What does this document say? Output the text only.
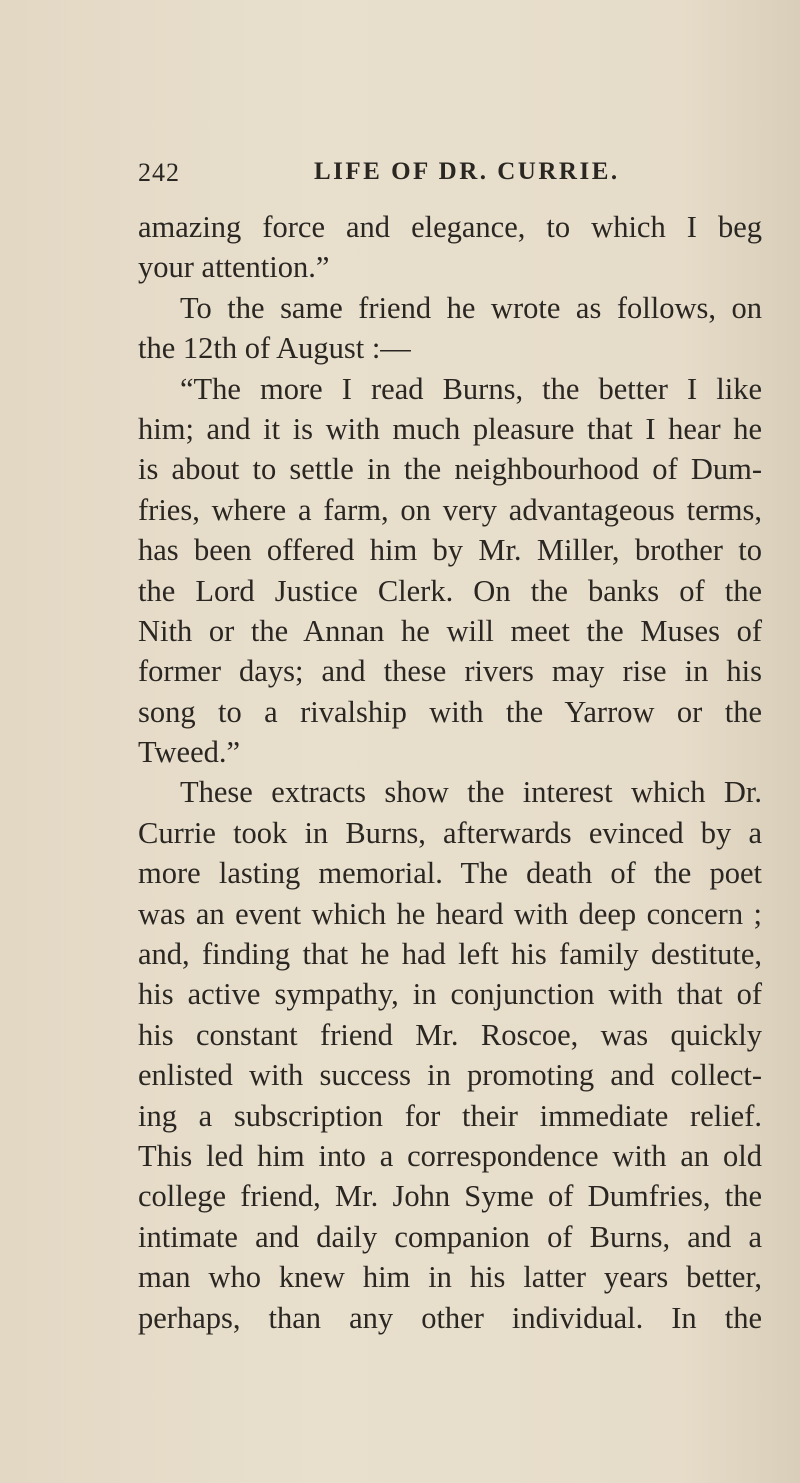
242	LIFE OF DR. CURRIE.
amazing force and elegance, to which I beg
your attention.”
To the same friend he wrote as follows, on
the 12th of August :—
“The more I read Burns, the better I like
him; and it is with much pleasure that I hear he
is about to settle in the neighbourhood of Dum-
fries, where a farm, on very advantageous terms,
has been offered him by Mr. Miller, brother to
the Lord Justice Clerk. On the banks of the
Nith or the Annan he will meet the Muses of
former days; and these rivers may rise in his
song to a rivalship with the Yarrow or the
Tweed.”
These extracts show the interest which Dr.
Currie took in Burns, afterwards evinced by a
more lasting memorial. The death of the poet
was an event which he heard with deep concern ;
and, finding that he had left his family destitute,
his active sympathy, in conjunction with that of
his constant friend Mr. Roscoe, was quickly
enlisted with success in promoting and collect-
ing a subscription for their immediate relief.
This led him into a correspondence with an old
college friend, Mr. John Syme of Dumfries, the
intimate and daily companion of Burns, and a
man who knew him in his latter years better,
perhaps, than any other individual. In the
